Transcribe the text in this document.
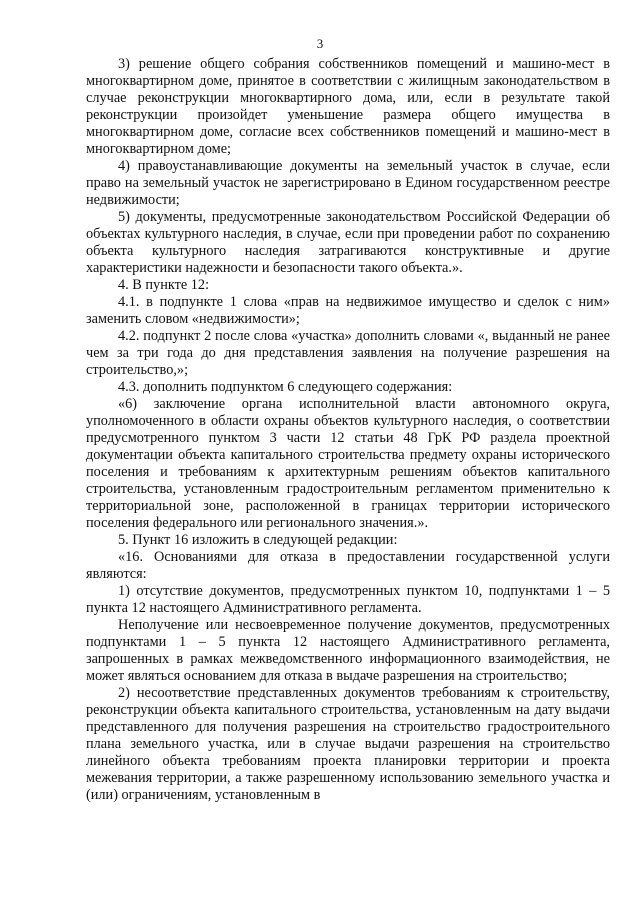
3

3) решение общего собрания собственников помещений и машино-мест в многоквартирном доме, принятое в соответствии с жилищным законодательством в случае реконструкции многоквартирного дома, или, если в результате такой реконструкции произойдет уменьшение размера общего имущества в многоквартирном доме, согласие всех собственников помещений и машино-мест в многоквартирном доме;

4) правоустанавливающие документы на земельный участок в случае, если право на земельный участок не зарегистрировано в Едином государственном реестре недвижимости;

5) документы, предусмотренные законодательством Российской Федерации об объектах культурного наследия, в случае, если при проведении работ по сохранению объекта культурного наследия затрагиваются конструктивные и другие характеристики надежности и безопасности такого объекта.».

4. В пункте 12:

4.1. в подпункте 1 слова «прав на недвижимое имущество и сделок с ним» заменить словом «недвижимости»;

4.2. подпункт 2 после слова «участка» дополнить словами «, выданный не ранее чем за три года до дня представления заявления на получение разрешения на строительство,»;

4.3. дополнить подпунктом 6 следующего содержания:

«6) заключение органа исполнительной власти автономного округа, уполномоченного в области охраны объектов культурного наследия, о соответствии предусмотренного пунктом 3 части 12 статьи 48 ГрК РФ раздела проектной документации объекта капитального строительства предмету охраны исторического поселения и требованиям к архитектурным решениям объектов капитального строительства, установленным градостроительным регламентом применительно к территориальной зоне, расположенной в границах территории исторического поселения федерального или регионального значения.».

5. Пункт 16 изложить в следующей редакции:

«16. Основаниями для отказа в предоставлении государственной услуги являются:

1) отсутствие документов, предусмотренных пунктом 10, подпунктами 1 – 5 пункта 12 настоящего Административного регламента.

Неполучение или несвоевременное получение документов, предусмотренных подпунктами 1 – 5 пункта 12 настоящего Административного регламента, запрошенных в рамках межведомственного информационного взаимодействия, не может являться основанием для отказа в выдаче разрешения на строительство;

2) несоответствие представленных документов требованиям к строительству, реконструкции объекта капитального строительства, установленным на дату выдачи представленного для получения разрешения на строительство градостроительного плана земельного участка, или в случае выдачи разрешения на строительство линейного объекта требованиям проекта планировки территории и проекта межевания территории, а также разрешенному использованию земельного участка и (или) ограничениям, установленным в
